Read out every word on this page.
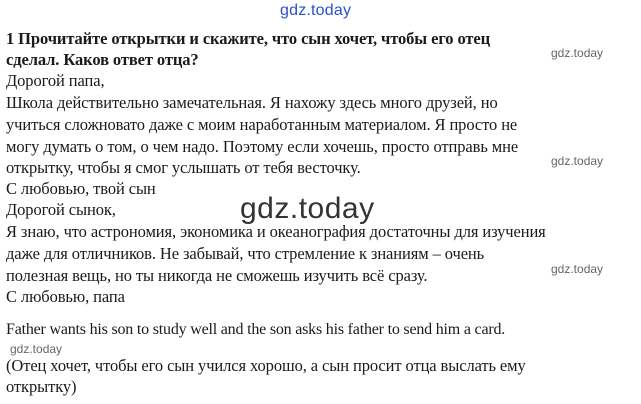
gdz.today
gdz.today
gdz.today
gdz.today
gdz.today
gdz.today
1 Прочитайте открытки и скажите, что сын хочет, чтобы его отец
сделал. Каков ответ отца?
Дорогой папа,
Школа действительно замечательная. Я нахожу здесь много друзей, но
учиться сложновато даже с моим наработанным материалом. Я просто не
могу думать о том, о чем надо. Поэтому если хочешь, просто отправь мне
открытку, чтобы я смог услышать от тебя весточку.
С любовью, твой сын
Дорогой сынок,
Я знаю, что астрономия, экономика и океанография достаточны для изучения
даже для отличников. Не забывай, что стремление к знаниям – очень
полезная вещь, но ты никогда не сможешь изучить всё сразу.
С любовью, папа
Father wants his son to study well and the son asks his father to send him a card.
(Отец хочет, чтобы его сын учился хорошо, а сын просит отца выслать ему
открытку)
